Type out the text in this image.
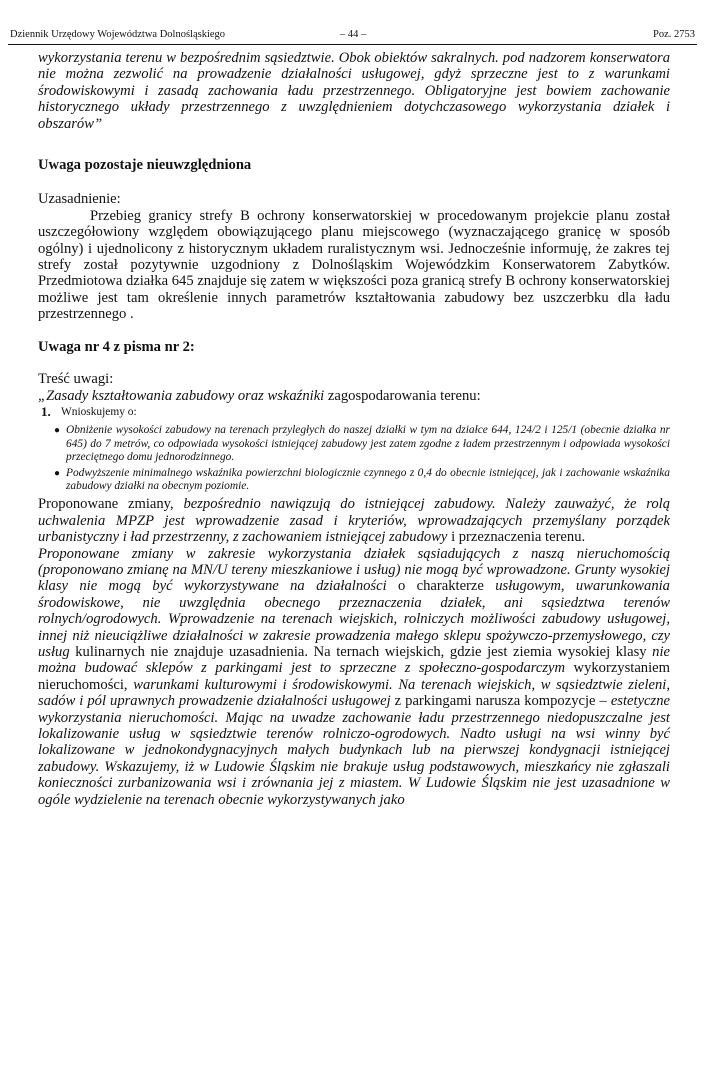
Dziennik Urzędowy Województwa Dolnośląskiego	– 44 –	Poz. 2753

wykorzystania terenu w bezpośrednim sąsiedztwie. Obok obiektów sakralnych. pod nadzorem konserwatora nie można zezwolić na prowadzenie działalności usługowej, gdyż sprzeczne jest to z warunkami środowiskowymi i zasadą zachowania ładu przestrzennego. Obligatoryjne jest bowiem zachowanie historycznego układy przestrzennego z uwzględnieniem dotychczasowego wykorzystania działek i obszarów”

Uwaga pozostaje nieuwzględniona

Uzasadnienie:

Przebieg granicy strefy B ochrony konserwatorskiej w procedowanym projekcie planu został uszczegółowiony względem obowiązującego planu miejscowego (wyznaczającego granicę w sposób ogólny) i ujednolicony z historycznym układem ruralistycznym wsi. Jednocześnie informuję, że zakres tej strefy został pozytywnie uzgodniony z Dolnośląskim Wojewódzkim Konserwatorem Zabytków. Przedmiotowa działka 645 znajduje się zatem w większości poza granicą strefy B ochrony konserwatorskiej możliwe jest tam określenie innych parametrów kształtowania zabudowy bez uszczerbku dla ładu przestrzennego .

Uwaga nr 4 z pisma nr 2:

Treść uwagi:

„Zasady kształtowania zabudowy oraz wskaźniki zagospodarowania terenu:

1. Wnioskujemy o:
● Obniżenie wysokości zabudowy na terenach przyległych do naszej działki w tym na działce 644, 124/2 i 125/1 (obecnie działka nr 645) do 7 metrów, co odpowiada wysokości istniejącej zabudowy jest zatem zgodne z ładem przestrzennym i odpowiada wysokości przeciętnego domu jednorodzinnego.
● Podwyższenie minimalnego wskaźnika powierzchni biologicznie czynnego z 0,4 do obecnie istniejącej, jak i zachowanie wskaźnika zabudowy działki na obecnym poziomie.

Proponowane zmiany, bezpośrednio nawiązują do istniejącej zabudowy. Należy zauważyć, że rolą uchwalenia MPZP jest wprowadzenie zasad i kryteriów, wprowadzających przemyślany porządek urbanistyczny i ład przestrzenny, z zachowaniem istniejącej zabudowy i przeznaczenia terenu.

Proponowane zmiany w zakresie wykorzystania działek sąsiadujących z naszą nieruchomością (proponowano zmianę na MN/U tereny mieszkaniowe i usług) nie mogą być wprowadzone. Grunty wysokiej klasy nie mogą być wykorzystywane na działalności o charakterze usługowym, uwarunkowania środowiskowe, nie uwzględnia obecnego przeznaczenia działek, ani sąsiedztwa terenów rolnych/ogrodowych. Wprowadzenie na terenach wiejskich, rolniczych możliwości zabudowy usługowej, innej niż nieuciążliwe działalności w zakresie prowadzenia małego sklepu spożywczo-przemysłowego, czy usług kulinarnych nie znajduje uzasadnienia. Na ternach wiejskich, gdzie jest ziemia wysokiej klasy nie można budować sklepów z parkingami jest to sprzeczne z społeczno-gospodarczym wykorzystaniem nieruchomości, warunkami kulturowymi i środowiskowymi. Na terenach wiejskich, w sąsiedztwie zieleni, sadów i pól uprawnych prowadzenie działalności usługowej z parkingami narusza kompozycje – estetyczne wykorzystania nieruchomości. Mając na uwadze zachowanie ładu przestrzennego niedopuszczalne jest lokalizowanie usług w sąsiedztwie terenów rolniczo-ogrodowych. Nadto usługi na wsi winny być lokalizowane w jednokondygnacyjnych małych budynkach lub na pierwszej kondygnacji istniejącej zabudowy. Wskazujemy, iż w Ludowie Śląskim nie brakuje usług podstawowych, mieszkańcy nie zgłaszali konieczności zurbanizowania wsi i zrównania jej z miastem. W Ludowie Śląskim nie jest uzasadnione w ogóle wydzielenie na terenach obecnie wykorzystywanych jako
